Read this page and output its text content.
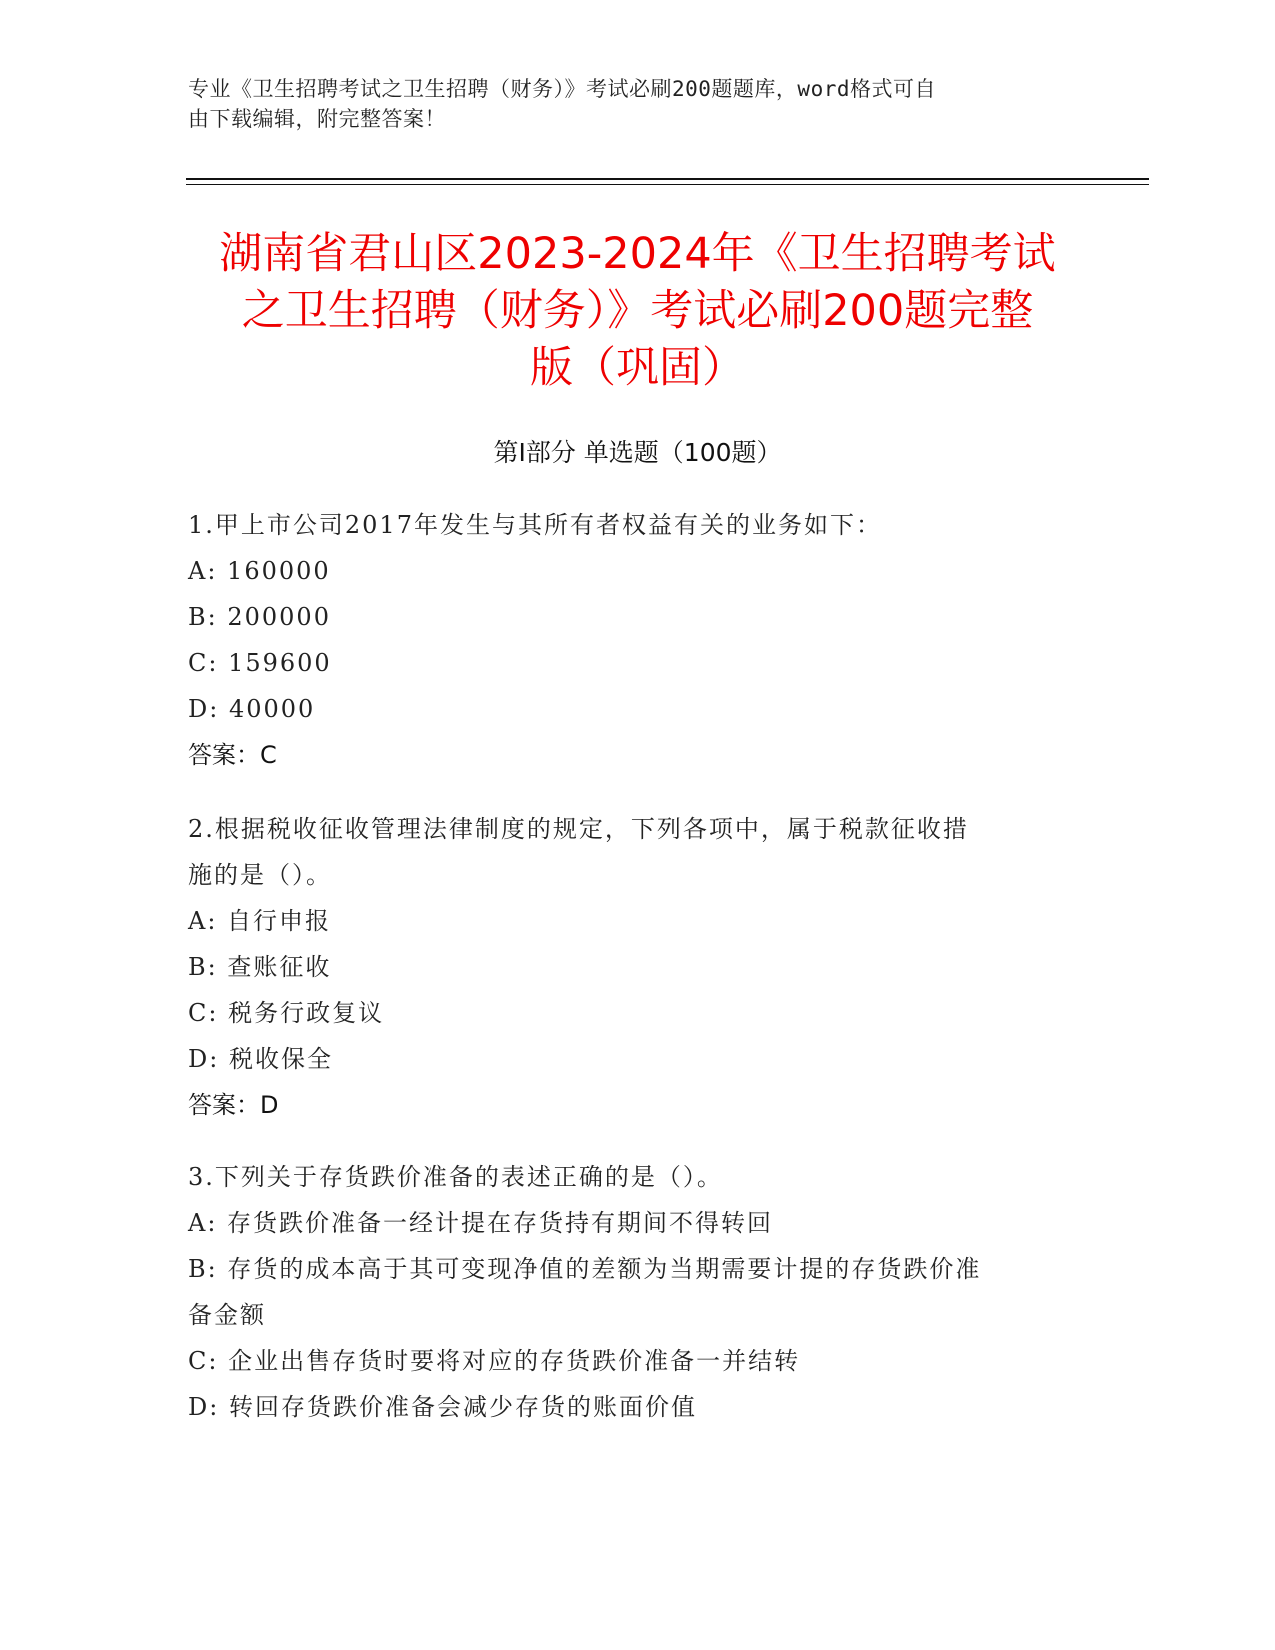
专业《卫生招聘考试之卫生招聘（财务）》考试必刷200题题库，word格式可自
由下载编辑，附完整答案！
湖南省君山区2023-2024年《卫生招聘考试
之卫生招聘（财务）》考试必刷200题完整
版（巩固）
第Ⅰ部分 单选题（100题）
1.甲上市公司2017年发生与其所有者权益有关的业务如下：
A: 160000
B: 200000
C: 159600
D: 40000
答案：C
2.根据税收征收管理法律制度的规定，下列各项中，属于税款征收措
施的是（）。
A: 自行申报
B: 查账征收
C: 税务行政复议
D: 税收保全
答案：D
3.下列关于存货跌价准备的表述正确的是（）。
A: 存货跌价准备一经计提在存货持有期间不得转回
B: 存货的成本高于其可变现净值的差额为当期需要计提的存货跌价准
备金额
C: 企业出售存货时要将对应的存货跌价准备一并结转
D: 转回存货跌价准备会减少存货的账面价值
